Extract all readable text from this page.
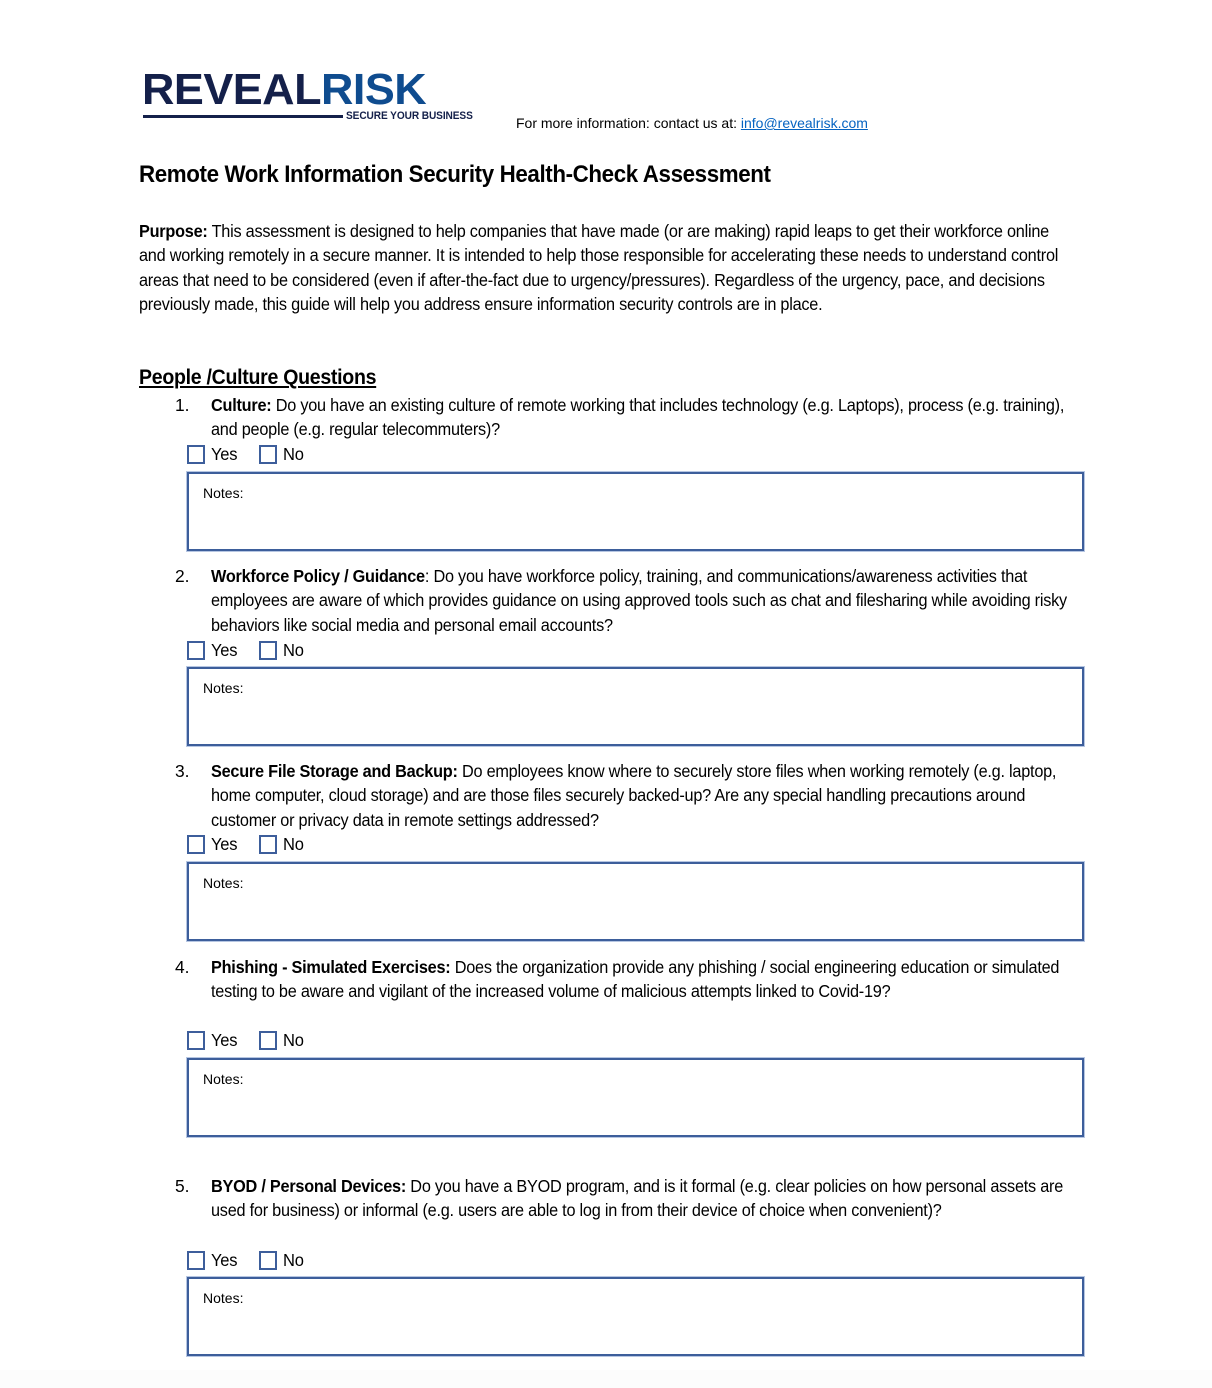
REVEALRISK
SECURE YOUR BUSINESS	For more information: contact us at: info@revealrisk.com
Remote Work Information Security Health-Check Assessment
Purpose: This assessment is designed to help companies that have made (or are making) rapid leaps to get their workforce online and working remotely in a secure manner. It is intended to help those responsible for accelerating these needs to understand control areas that need to be considered (even if after-the-fact due to urgency/pressures). Regardless of the urgency, pace, and decisions previously made, this guide will help you address ensure information security controls are in place.
People /Culture Questions
1. Culture: Do you have an existing culture of remote working that includes technology (e.g. Laptops), process (e.g. training), and people (e.g. regular telecommuters)?
Yes	No
Notes:
2. Workforce Policy / Guidance: Do you have workforce policy, training, and communications/awareness activities that employees are aware of which provides guidance on using approved tools such as chat and filesharing while avoiding risky behaviors like social media and personal email accounts?
Yes	No
Notes:
3. Secure File Storage and Backup: Do employees know where to securely store files when working remotely (e.g. laptop, home computer, cloud storage) and are those files securely backed-up? Are any special handling precautions around customer or privacy data in remote settings addressed?
Yes	No
Notes:
4. Phishing - Simulated Exercises: Does the organization provide any phishing / social engineering education or simulated testing to be aware and vigilant of the increased volume of malicious attempts linked to Covid-19?
Yes	No
Notes:
5. BYOD / Personal Devices: Do you have a BYOD program, and is it formal (e.g. clear policies on how personal assets are used for business) or informal (e.g. users are able to log in from their device of choice when convenient)?
Yes	No
Notes:
